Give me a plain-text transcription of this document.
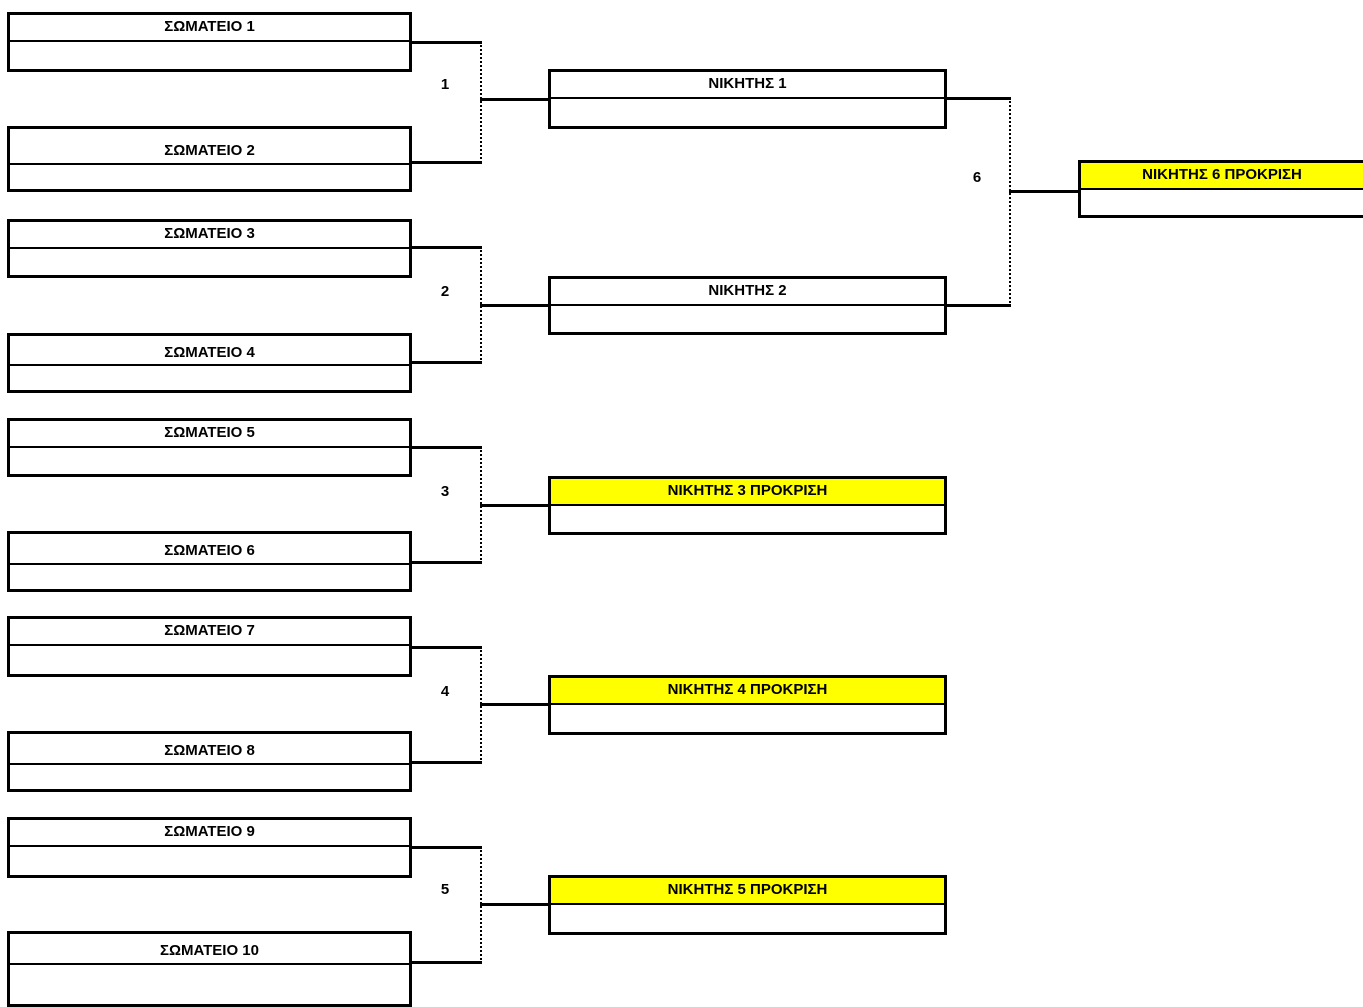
ΣΩΜΑΤΕΙΟ 1
ΣΩΜΑΤΕΙΟ 2
ΣΩΜΑΤΕΙΟ 3
ΣΩΜΑΤΕΙΟ 4
ΣΩΜΑΤΕΙΟ 5
ΣΩΜΑΤΕΙΟ 6
ΣΩΜΑΤΕΙΟ 7
ΣΩΜΑΤΕΙΟ 8
ΣΩΜΑΤΕΙΟ 9
ΣΩΜΑΤΕΙΟ 10
1
2
3
4
5
6
ΝΙΚΗΤΗΣ 1
ΝΙΚΗΤΗΣ 2
ΝΙΚΗΤΗΣ 3 ΠΡΟΚΡΙΣΗ
ΝΙΚΗΤΗΣ 4 ΠΡΟΚΡΙΣΗ
ΝΙΚΗΤΗΣ 5 ΠΡΟΚΡΙΣΗ
ΝΙΚΗΤΗΣ 6 ΠΡΟΚΡΙΣΗ
